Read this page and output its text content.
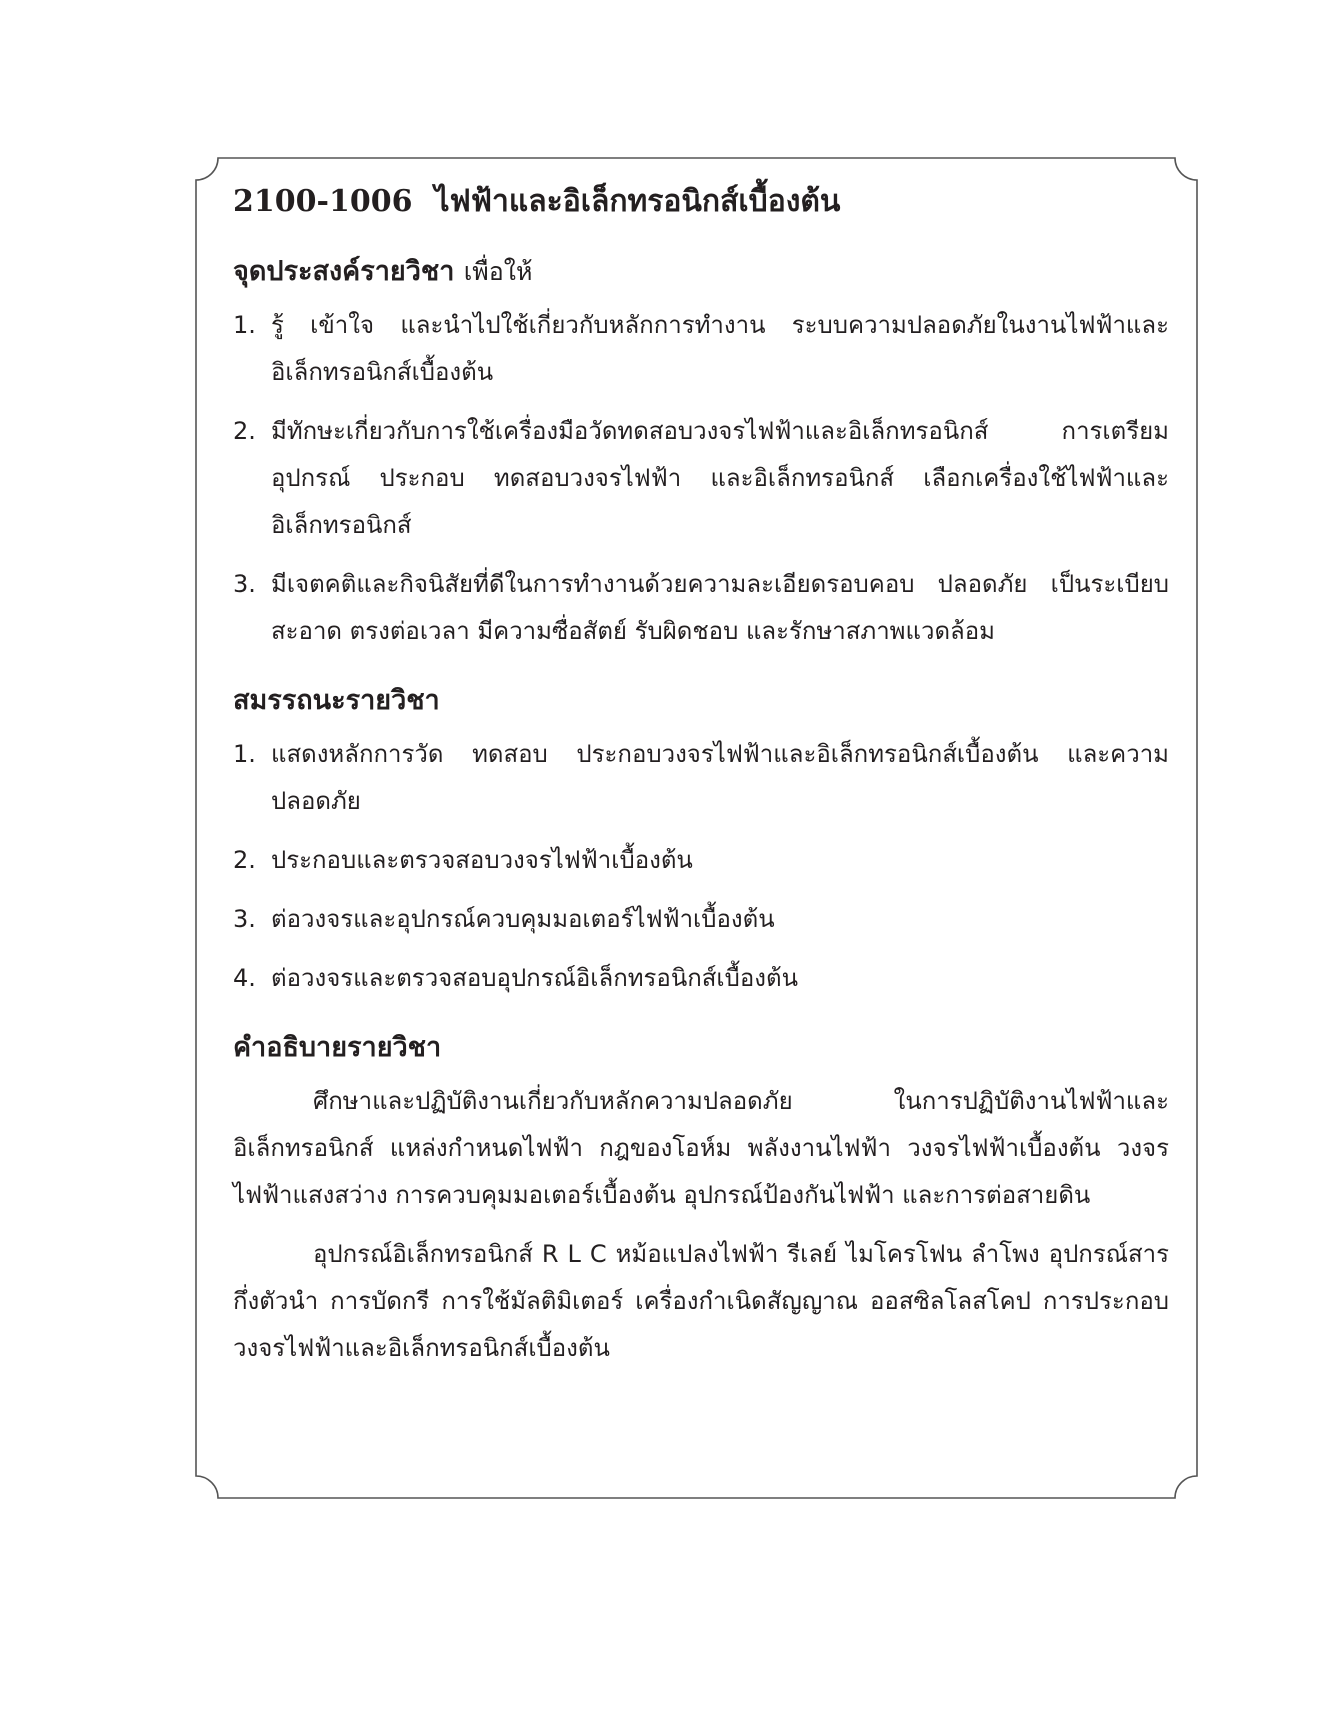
2100-1006 ไฟฟ้าและอิเล็กทรอนิกส์เบื้องต้น
จุดประสงค์รายวิชา เพื่อให้
1. รู้ เข้าใจ และนำไปใช้เกี่ยวกับหลักการทำงาน ระบบความปลอดภัยในงานไฟฟ้าและอิเล็กทรอนิกส์เบื้องต้น
2. มีทักษะเกี่ยวกับการใช้เครื่องมือวัดทดสอบวงจรไฟฟ้าและอิเล็กทรอนิกส์ การเตรียมอุปกรณ์ ประกอบ ทดสอบวงจรไฟฟ้า และอิเล็กทรอนิกส์ เลือกเครื่องใช้ไฟฟ้าและอิเล็กทรอนิกส์
3. มีเจตคติและกิจนิสัยที่ดีในการทำงานด้วยความละเอียดรอบคอบ ปลอดภัย เป็นระเบียบ สะอาด ตรงต่อเวลา มีความซื่อสัตย์ รับผิดชอบ และรักษาสภาพแวดล้อม
สมรรถนะรายวิชา
1. แสดงหลักการวัด ทดสอบ ประกอบวงจรไฟฟ้าและอิเล็กทรอนิกส์เบื้องต้น และความปลอดภัย
2. ประกอบและตรวจสอบวงจรไฟฟ้าเบื้องต้น
3. ต่อวงจรและอุปกรณ์ควบคุมมอเตอร์ไฟฟ้าเบื้องต้น
4. ต่อวงจรและตรวจสอบอุปกรณ์อิเล็กทรอนิกส์เบื้องต้น
คำอธิบายรายวิชา

ศึกษาและปฏิบัติงานเกี่ยวกับหลักความปลอดภัย ในการปฏิบัติงานไฟฟ้าและอิเล็กทรอนิกส์ แหล่งกำหนดไฟฟ้า กฎของโอห์ม พลังงานไฟฟ้า วงจรไฟฟ้าเบื้องต้น วงจรไฟฟ้าแสงสว่าง การควบคุมมอเตอร์เบื้องต้น อุปกรณ์ป้องกันไฟฟ้า และการต่อสายดิน

อุปกรณ์อิเล็กทรอนิกส์ R L C หม้อแปลงไฟฟ้า รีเลย์ ไมโครโฟน ลำโพง อุปกรณ์สารกึ่งตัวนำ การบัดกรี การใช้มัลติมิเตอร์ เครื่องกำเนิดสัญญาณ ออสซิลโลสโคป การประกอบวงจรไฟฟ้าและอิเล็กทรอนิกส์เบื้องต้น
